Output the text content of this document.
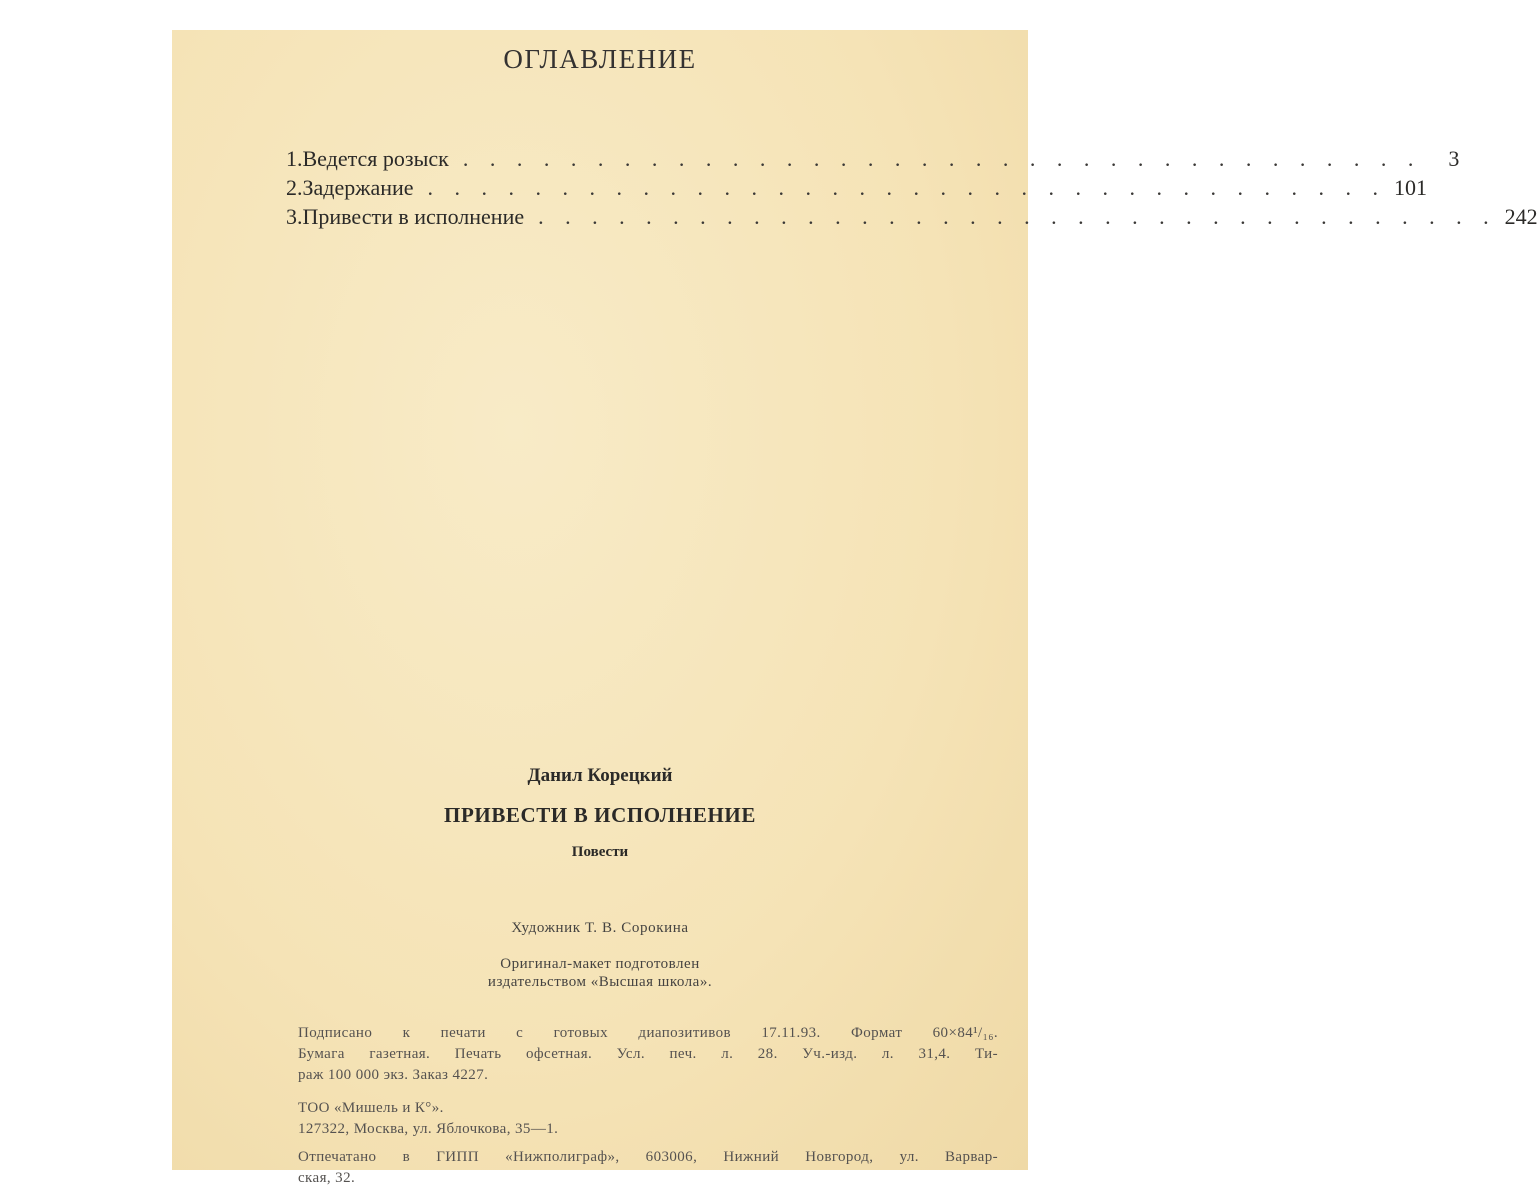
ОГЛАВЛЕНИЕ
1. Ведется розыск . . . . . . . . . . . . . . . . . . . . . . . . . . . . . . . . . . . .	3
2. Задержание . . . . . . . . . . . . . . . . . . . . . . . . . . . . . . . . . . . . 101
3. Привести в исполнение . . . . . . . . . . . . . . . . . . . . . . . . . . . . . . . . . . . . 242
Данил Корецкий
ПРИВЕСТИ В ИСПОЛНЕНИЕ
Повести
Художник Т. В. Сорокина
Оригинал-макет подготовлен
издательством «Высшая школа».
Подписано к печати с готовых диапозитивов 17.11.93. Формат 60×84¹/₁₆.
Бумага газетная. Печать офсетная. Усл. печ. л. 28. Уч.-изд. л. 31,4. Ти-
раж 100 000 экз. Заказ 4227.
ТОО «Мишель и К°».
127322, Москва, ул. Яблочкова, 35—1.
Отпечатано в ГИПП «Нижполиграф», 603006, Нижний Новгород, ул. Варвар-
ская, 32.
